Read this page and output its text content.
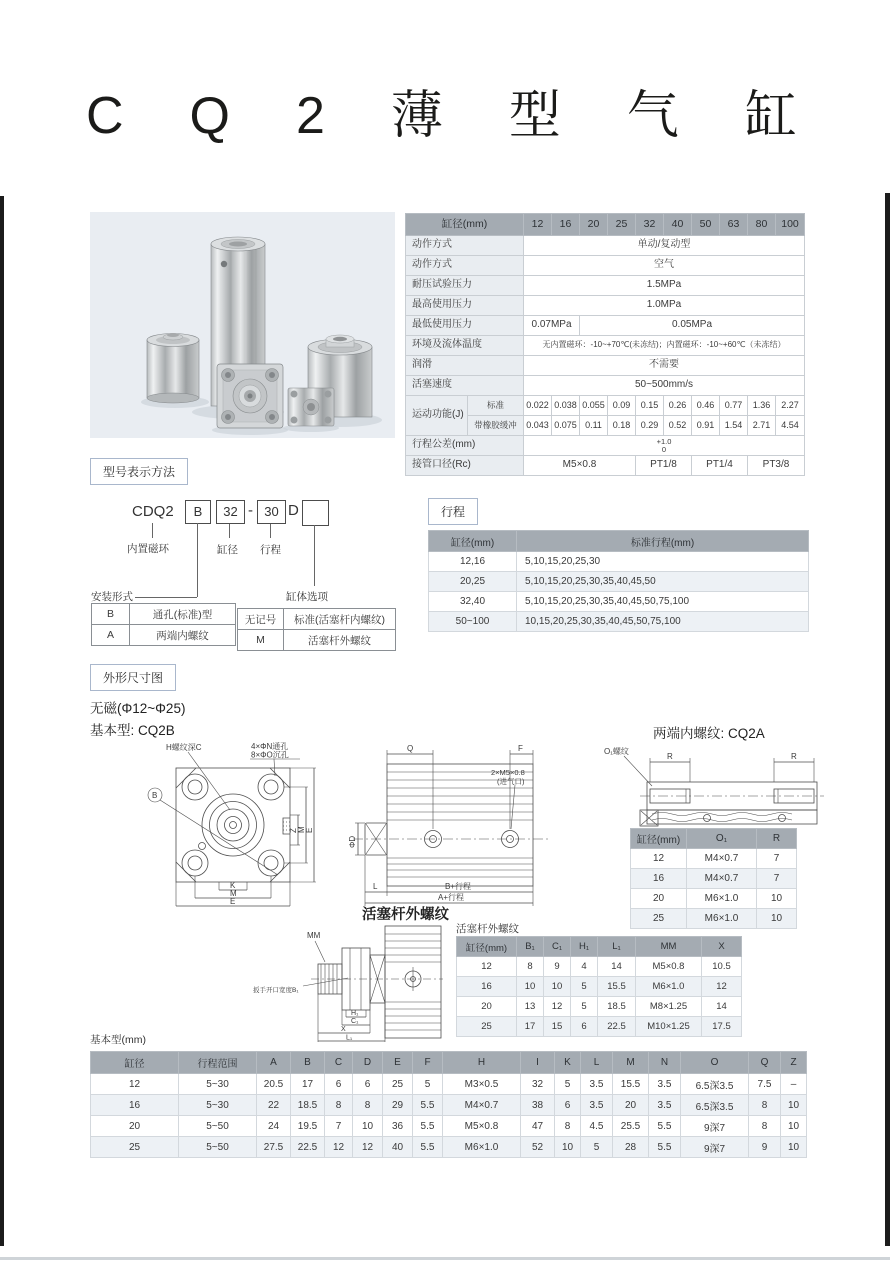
CQ2薄型气缸
缸径(mm)		12	16	20	25	32	40	50	63	80	100
动作方式		单动/复动型									
动作方式		空气									
耐压试验压力		1.5MPa									
最高使用压力		1.0MPa									
最低使用压力		0.07MPa		0.05MPa							
环境及流体温度		无内置磁环：-10~+70℃(未冻结)；内置磁环：-10~+60℃（未冻结）									
润滑		不需要									
活塞速度		50~500mm/s									
运动功能(J)	标准	0.022	0.038	0.055	0.09	0.15	0.26	0.46	0.77	1.36	2.27
	带橡胶缓冲	0.043	0.075	0.11	0.18	0.29	0.52	0.91	1.54	2.71	4.54
行程公差(mm)		+1.0
0									

接管口径(Rc)		M5×0.8				PT1/8		PT1/4		PT3/8	
型号表示方法
CDQ2	B	32 - 30 D
内置磁环	缸径 行程
安装形式	缸体选项
B	通孔(标准)型
A	两端内螺纹
无记号	标准(活塞杆内螺纹)
M	活塞杆外螺纹
行程
缸径(mm)	标准行程(mm)
12,16	5,10,15,20,25,30
20,25	5,10,15,20,25,30,35,40,45,50
32,40	5,10,15,20,25,30,35,40,45,50,75,100
50~100	10,15,20,25,30,35,40,45,50,75,100
外形尺寸图
无磁(Φ12~Φ25)
基本型: CQ2B	两端内螺纹: CQ2A
H螺纹深C	4×ΦN通孔
8×ΦO沉孔
K
M
E
Z M E
B
Q	F
2×M5×0.8
(进气口)
ΦD
L	B+行程
A+行程
O₁螺纹
R	R
缸径(mm)	O₁	R
12	M4×0.7	7
16	M4×0.7	7
20	M6×1.0	10
25	M6×1.0	10
活塞杆外螺纹
MM
扳手开口宽度B₁
H₁
C₁
X
L₁
活塞杆外螺纹
缸径(mm)	B₁	C₁	H₁	L₁	MM	X
12	8	9	4	14	M5×0.8	10.5
16	10	10	5	15.5	M6×1.0	12
20	13	12	5	18.5	M8×1.25	14
25	17	15	6	22.5	M10×1.25	17.5
基本型(mm)
缸径	行程范围	A	B	C	D	E	F	H	I	K	L	M	N	O	Q	Z
12	5~30	20.5	17	6	6	25	5	M3×0.5	32	5	3.5	15.5	3.5	6.5深3.5	7.5	–
16	5~30	22	18.5	8	8	29	5.5	M4×0.7	38	6	3.5	20	3.5	6.5深3.5	8	10
20	5~50	24	19.5	7	10	36	5.5	M5×0.8	47	8	4.5	25.5	5.5	9深7	8	10
25	5~50	27.5	22.5	12	12	40	5.5	M6×1.0	52	10	5	28	5.5	9深7	9	10
